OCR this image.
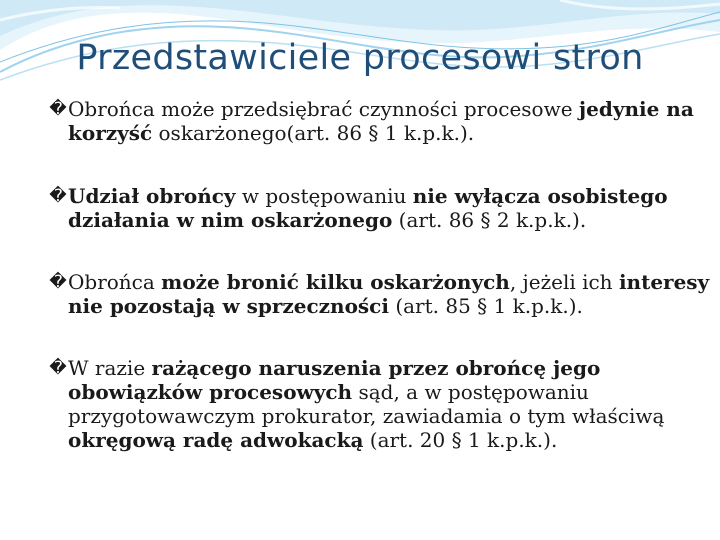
Przedstawiciele procesowi stron
� Obrońca może przedsiębrać czynności procesowe jedynie na korzyść oskarżonego(art. 86 § 1 k.p.k.).
� Udział obrońcy w postępowaniu nie wyłącza osobistego działania w nim oskarżonego (art. 86 § 2 k.p.k.).
� Obrońca może bronić kilku oskarżonych, jeżeli ich interesy nie pozostają w sprzeczności (art. 85 § 1 k.p.k.).
� W razie rażącego naruszenia przez obrońcę jego obowiązków procesowych sąd, a w postępowaniu przygotowawczym prokurator, zawiadamia o tym właściwą okręgową radę adwokacką (art. 20 § 1 k.p.k.).
